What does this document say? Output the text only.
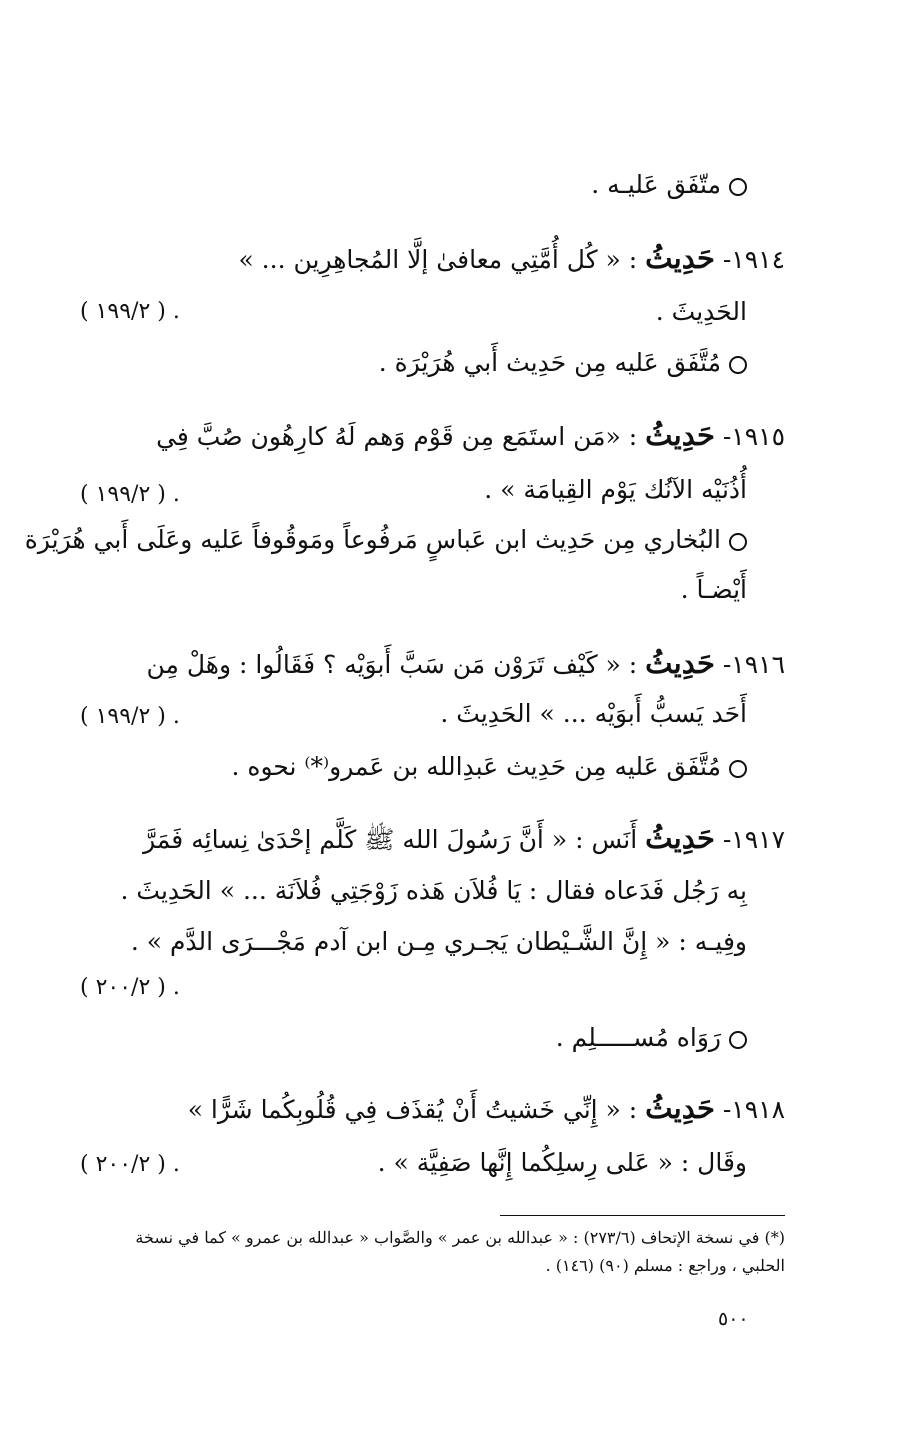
متّفَق عَليـه .
١٩١٤- حَدِيثُ : « كُل أُمَّتِي معافىٰ إلَّا المُجاهِرِين ... »
الحَدِيثَ .
( ١٩٩/٢ ) .
مُتَّفَق عَليه مِن حَدِيث أَبي هُرَيْرَة .
١٩١٥- حَدِيثُ : «مَن استَمَع مِن قَوْم وَهم لَهُ كارِهُون صُبَّ فِي
أُذُنَيْه الآنُك يَوْم القِيامَة » .
( ١٩٩/٢ ) .
البُخاري مِن حَدِيث ابن عَباسٍ مَرفُوعاً ومَوقُوفاً عَليه وعَلَى أَبي هُرَيْرَة
أَيْضـاً .
١٩١٦- حَدِيثُ : « كَيْف تَرَوْن مَن سَبَّ أَبوَيْه ؟ فَقَالُوا : وهَلْ مِن
أَحَد يَسبُّ أَبوَيْه ... » الحَدِيثَ .
( ١٩٩/٢ ) .
مُتَّفَق عَليه مِن حَدِيث عَبدِالله بن عَمرو⁽*⁾ نحوه .
١٩١٧- حَدِيثُ أَنَس : « أَنَّ رَسُولَ الله ﷺ كَلَّم إحْدَىٰ نِسائِه فَمَرَّ
بِه رَجُل فَدَعاه فقال : يَا فُلاَن هَذه زَوْجَتِي فُلاَنَة ... » الحَدِيثَ .
وفِيـه : « إِنَّ الشَّـيْطان يَجـري مِـن ابن آدم مَجْـــرَى الدَّم » .
( ٢٠٠/٢ ) .
رَوَاه مُســـــلِم .
١٩١٨- حَدِيثُ : « إِنِّي خَشيتُ أَنْ يُقذَف فِي قُلُوبِكُما شَرًّا »
وقَال : « عَلى رِسلِكُما إِنَّها صَفِيَّة » .
( ٢٠٠/٢ ) .
(*) في نسخة الإتحاف (٢٧٣/٦) : « عبدالله بن عمر » والصَّواب « عبدالله بن عمرو » كما في نسخة
الحلبي ، وراجع : مسلم (٩٠) (١٤٦) .
٥٠٠
